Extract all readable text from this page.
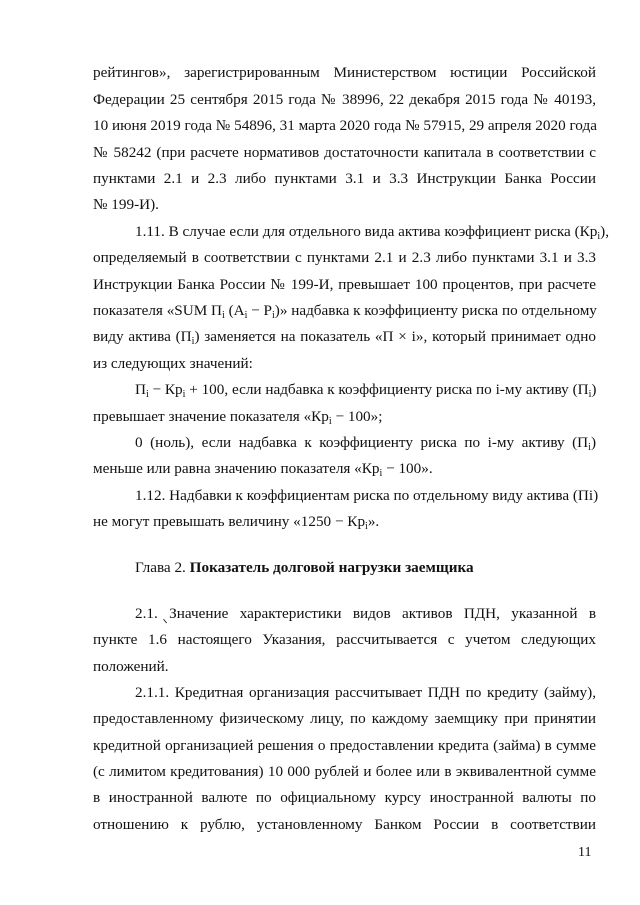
рейтингов», зарегистрированным Министерством юстиции Российской
Федерации 25 сентября 2015 года № 38996, 22 декабря 2015 года № 40193,
10 июня 2019 года № 54896, 31 марта 2020 года № 57915, 29 апреля 2020 года
№ 58242 (при расчете нормативов достаточности капитала в соответствии с
пунктами 2.1 и 2.3 либо пунктами 3.1 и 3.3 Инструкции Банка России
№ 199-И).
1.11. В случае если для отдельного вида актива коэффициент риска $(Кр_i)$,
определяемый в соответствии с пунктами 2.1 и 2.3 либо пунктами 3.1 и 3.3
Инструкции Банка России № 199-И, превышает 100 процентов, при расчете
показателя «SUM $П_i$ $(A_i - P_i)$» надбавка к коэффициенту риска по отдельному
виду актива $(П_i)$ заменяется на показатель «П × i», который принимает одно
из следующих значений:
$П_i - Кр_i + 100$, если надбавка к коэффициенту риска по i-му активу $(П_i)$
превышает значение показателя «$Кр_i - 100$»;
0 (ноль), если надбавка к коэффициенту риска по i-му активу $(П_i)$
меньше или равна значению показателя «$Кр_i - 100$».
1.12. Надбавки к коэффициентам риска по отдельному виду актива (Пi)
не могут превышать величину «$1250 - Кр_i$».
Глава 2. Показатель долговой нагрузки заемщика
2.1. Значение характеристики видов активов ПДН, указанной в
пункте 1.6 настоящего Указания, рассчитывается с учетом следующих
положений.
2.1.1. Кредитная организация рассчитывает ПДН по кредиту (займу),
предоставленному физическому лицу, по каждому заемщику при принятии
кредитной организацией решения о предоставлении кредита (займа) в сумме
(с лимитом кредитования) 10 000 рублей и более или в эквивалентной сумме
в иностранной валюте по официальному курсу иностранной валюты по
отношению к рублю, установленному Банком России в соответствии
11
